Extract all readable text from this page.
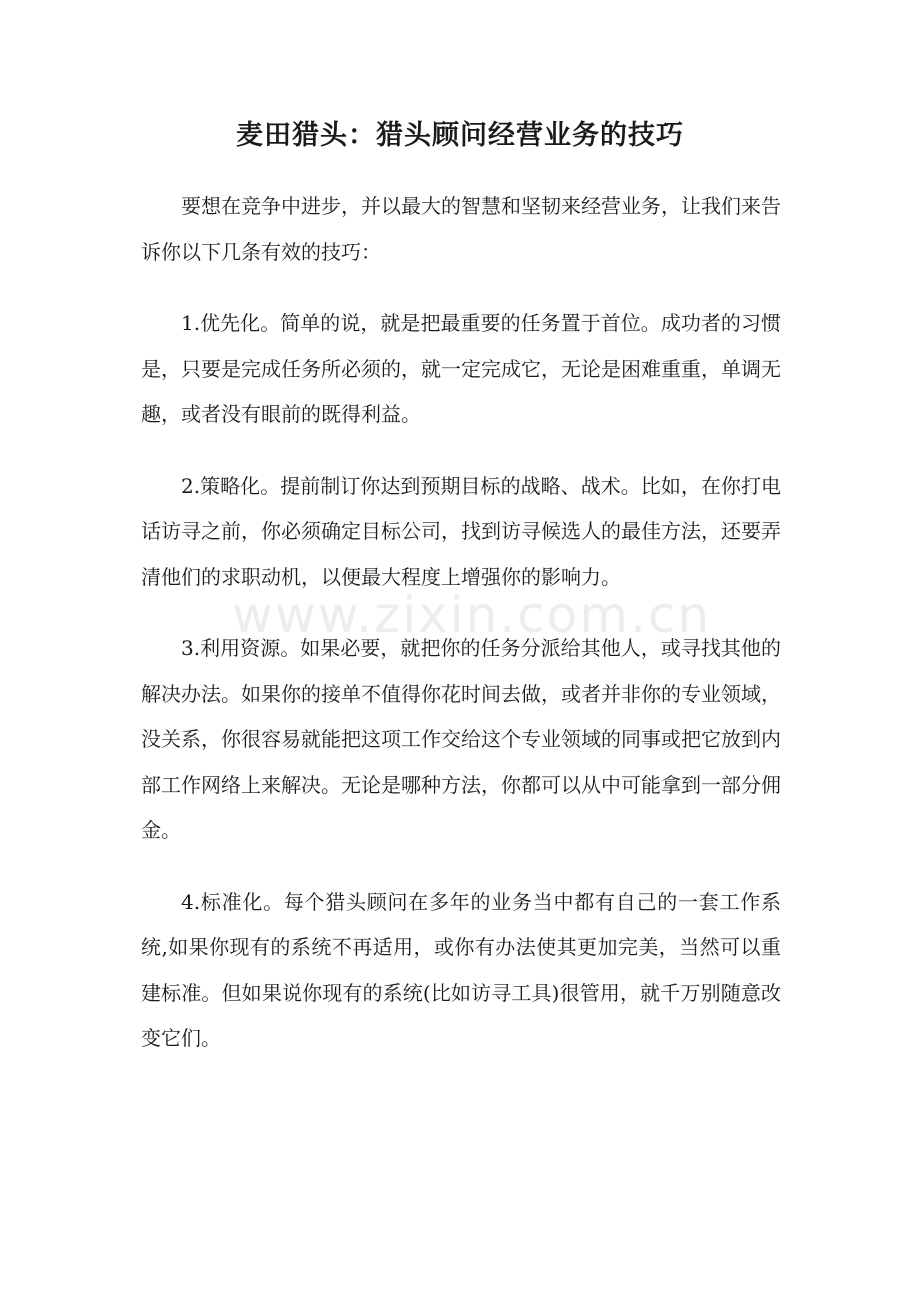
麦田猎头：猎头顾问经营业务的技巧

要想在竞争中进步，并以最大的智慧和坚韧来经营业务，让我们来告诉你以下几条有效的技巧：

1.优先化。简单的说，就是把最重要的任务置于首位。成功者的习惯是，只要是完成任务所必须的，就一定完成它，无论是困难重重，单调无趣，或者没有眼前的既得利益。

2.策略化。提前制订你达到预期目标的战略、战术。比如，在你打电话访寻之前，你必须确定目标公司，找到访寻候选人的最佳方法，还要弄清他们的求职动机，以便最大程度上增强你的影响力。

3.利用资源。如果必要，就把你的任务分派给其他人，或寻找其他的解决办法。如果你的接单不值得你花时间去做，或者并非你的专业领域，没关系，你很容易就能把这项工作交给这个专业领域的同事或把它放到内部工作网络上来解决。无论是哪种方法，你都可以从中可能拿到一部分佣金。

4.标准化。每个猎头顾问在多年的业务当中都有自己的一套工作系统,如果你现有的系统不再适用，或你有办法使其更加完美，当然可以重建标准。但如果说你现有的系统(比如访寻工具)很管用，就千万别随意改变它们。

www.zixin.com.cn
